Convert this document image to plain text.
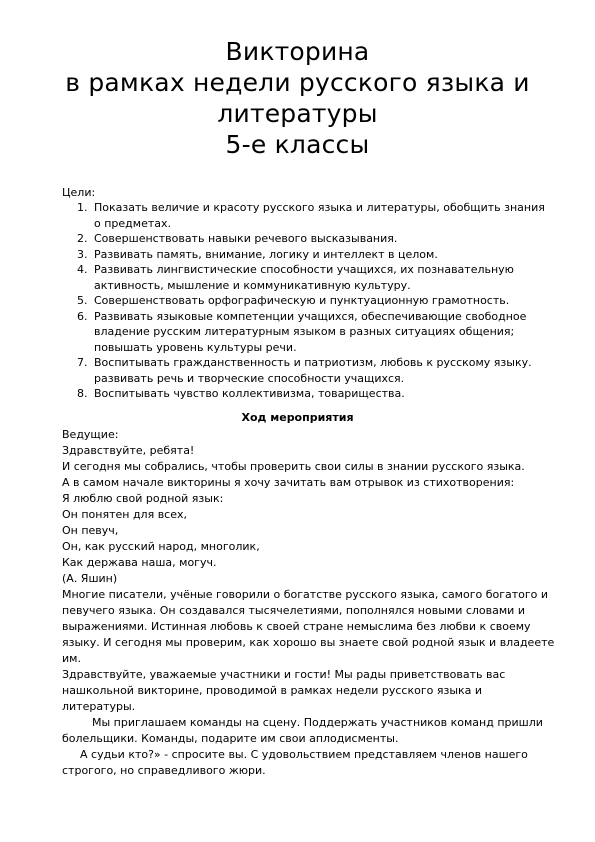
Викторина
в рамках недели русского языка и
литературы
5-е классы
Цели:
1. Показать величие и красоту русского языка и литературы, обобщить знания о предметах.
2. Совершенствовать навыки речевого высказывания.
3. Развивать память, внимание, логику и интеллект в целом.
4. Развивать лингвистические способности учащихся, их познавательную активность, мышление и коммуникативную культуру.
5. Совершенствовать орфографическую и пунктуационную грамотность.
6. Развивать языковые компетенции учащихся, обеспечивающие свободное владение русским литературным языком в разных ситуациях общения; повышать уровень культуры речи.
7. Воспитывать гражданственность и патриотизм, любовь к русскому языку. развивать речь и творческие способности учащихся.
8. Воспитывать чувство коллективизма, товарищества.
Ход мероприятия

Ведущие:

Здравствуйте, ребята!

И сегодня мы собрались, чтобы проверить свои силы в знании русского языка.

А в самом начале викторины я хочу зачитать вам отрывок из стихотворения:

Я люблю свой родной язык:

Он понятен для всех,

Он певуч,

Он, как русский народ, многолик,

Как держава наша, могуч.

(А. Яшин)

Многие писатели, учёные говорили о богатстве русского языка, самого богатого и певучего языка. Он создавался тысячелетиями, пополнялся новыми словами и выражениями. Истинная любовь к своей стране немыслима без любви к своему языку. И сегодня мы проверим, как хорошо вы знаете свой родной язык и владеете им.

Здравствуйте, уважаемые участники и гости! Мы рады приветствовать вас нашкольной викторине, проводимой в рамках недели русского языка и литературы.

Мы приглашаем команды на сцену. Поддержать участников команд пришли болельщики. Команды, подарите им свои аплодисменты.

А судьи кто?» - спросите вы. С удовольствием представляем членов нашего строгого, но справедливого жюри.
